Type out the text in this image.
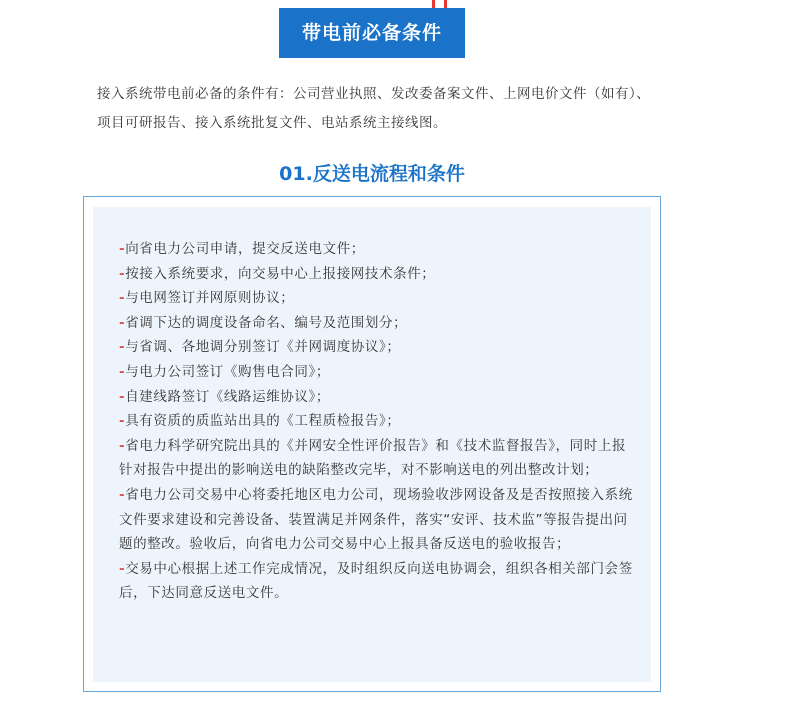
带电前必备条件
接入系统带电前必备的条件有：公司营业执照、发改委备案文件、上网电价文件（如有）、项目可研报告、接入系统批复文件、电站系统主接线图。
01.反送电流程和条件
-向省电力公司申请，提交反送电文件；
-按接入系统要求，向交易中心上报接网技术条件；
-与电网签订并网原则协议；
-省调下达的调度设备命名、编号及范围划分；
-与省调、各地调分别签订《并网调度协议》；
-与电力公司签订《购售电合同》；
-自建线路签订《线路运维协议》；
-具有资质的质监站出具的《工程质检报告》；
-省电力科学研究院出具的《并网安全性评价报告》和《技术监督报告》，同时上报针对报告中提出的影响送电的缺陷整改完毕，对不影响送电的列出整改计划；
-省电力公司交易中心将委托地区电力公司，现场验收涉网设备及是否按照接入系统文件要求建设和完善设备、装置满足并网条件，落实“安评、技术监”等报告提出问题的整改。验收后，向省电力公司交易中心上报具备反送电的验收报告；
-交易中心根据上述工作完成情况，及时组织反向送电协调会，组织各相关部门会签后，下达同意反送电文件。
